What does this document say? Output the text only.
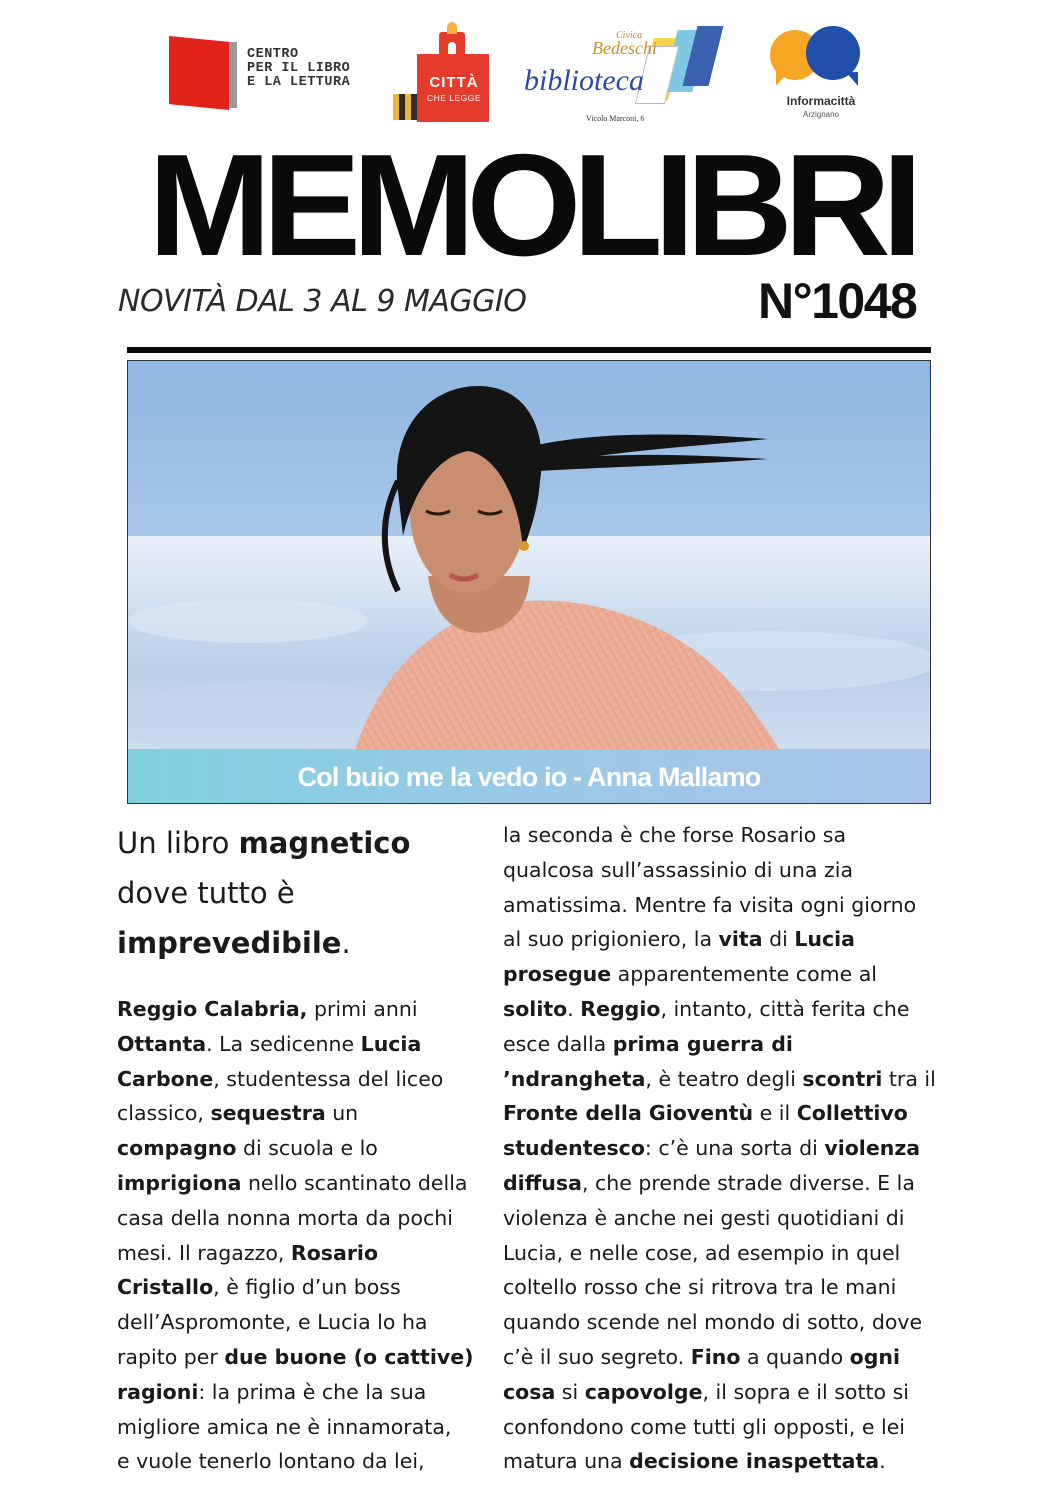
CENTRO
PER IL LIBRO
E LA LETTURA	CITTÀ
CHE LEGGE
Civica
Bedeschi
biblioteca
Vicolo Marconi, 6
Informacittà
Arzignano
MEMOLIBRI
NOVITÀ DAL 3 AL 9 MAGGIO	N°1048
Col buio me la vedo io - Anna Mallamo
Un libro magnetico dove tutto è imprevedibile.
Reggio Calabria, primi anni
Ottanta. La sedicenne Lucia
Carbone, studentessa del liceo
classico, sequestra un
compagno di scuola e lo
imprigiona nello scantinato della
casa della nonna morta da pochi
mesi. Il ragazzo, Rosario
Cristallo, è figlio d’un boss
dell’Aspromonte, e Lucia lo ha
rapito per due buone (o cattive)
ragioni: la prima è che la sua
migliore amica ne è innamorata,
e vuole tenerlo lontano da lei,
la seconda è che forse Rosario sa
qualcosa sull’assassinio di una zia
amatissima. Mentre fa visita ogni giorno
al suo prigioniero, la vita di Lucia
prosegue apparentemente come al
solito. Reggio, intanto, città ferita che
esce dalla prima guerra di
’ndrangheta, è teatro degli scontri tra il
Fronte della Gioventù e il Collettivo
studentesco: c’è una sorta di violenza
diffusa, che prende strade diverse. E la
violenza è anche nei gesti quotidiani di
Lucia, e nelle cose, ad esempio in quel
coltello rosso che si ritrova tra le mani
quando scende nel mondo di sotto, dove
c’è il suo segreto. Fino a quando ogni
cosa si capovolge, il sopra e il sotto si
confondono come tutti gli opposti, e lei
matura una decisione inaspettata.
